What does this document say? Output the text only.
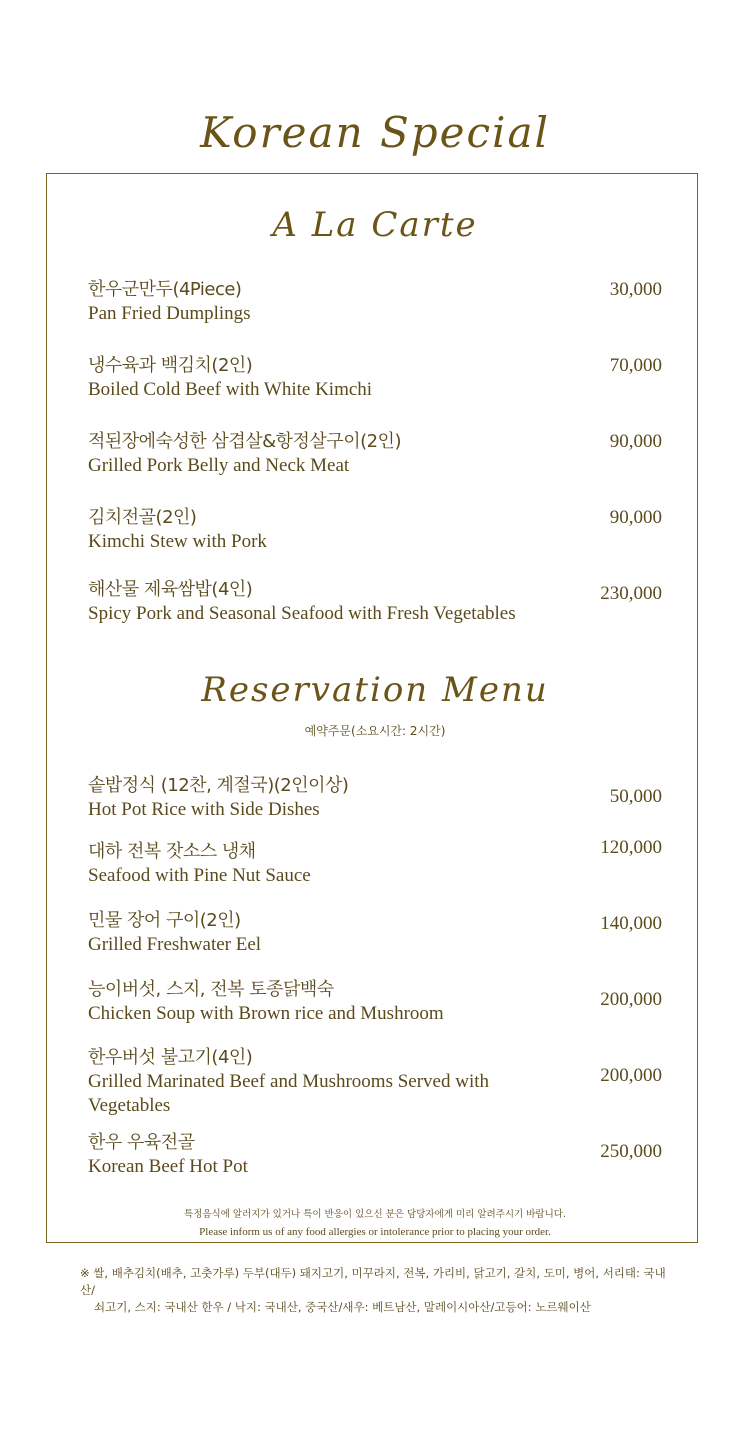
Korean Special
A La Carte
한우군만두(4Piece)
Pan Fried Dumplings
30,000
냉수육과 백김치(2인)
Boiled Cold Beef with White Kimchi
70,000
적된장에숙성한 삼겹살&항정살구이(2인)
Grilled Pork Belly and Neck Meat
90,000
김치전골(2인)
Kimchi Stew with Pork
90,000
해산물 제육쌈밥(4인)
Spicy Pork and Seasonal Seafood with Fresh Vegetables
230,000
Reservation Menu
예약주문(소요시간: 2시간)
솥밥정식 (12찬, 계절국)(2인이상)
Hot Pot Rice with Side Dishes
50,000
대하 전복 잣소스 냉채
Seafood with Pine Nut Sauce
120,000
민물 장어 구이(2인)
Grilled Freshwater Eel
140,000
능이버섯, 스지, 전복 토종닭백숙
Chicken Soup with Brown rice and Mushroom
200,000
한우버섯 불고기(4인)
Grilled Marinated Beef and Mushrooms Served with Vegetables
200,000
한우 우육전골
Korean Beef Hot Pot
250,000
특정음식에 알러지가 있거나 특이 반응이 있으신 분은 담당자에게 미리 알려주시기 바랍니다.
Please inform us of any food allergies or intolerance prior to placing your order.
※ 쌀, 배추김치(배추, 고춧가루) 두부(대두) 돼지고기, 미꾸라지, 전복, 가리비, 닭고기, 갈치, 도미, 병어, 서리태: 국내산/
쇠고기, 스지: 국내산 한우 / 낙지: 국내산, 중국산/새우: 베트남산, 말레이시아산/고등어: 노르웨이산
